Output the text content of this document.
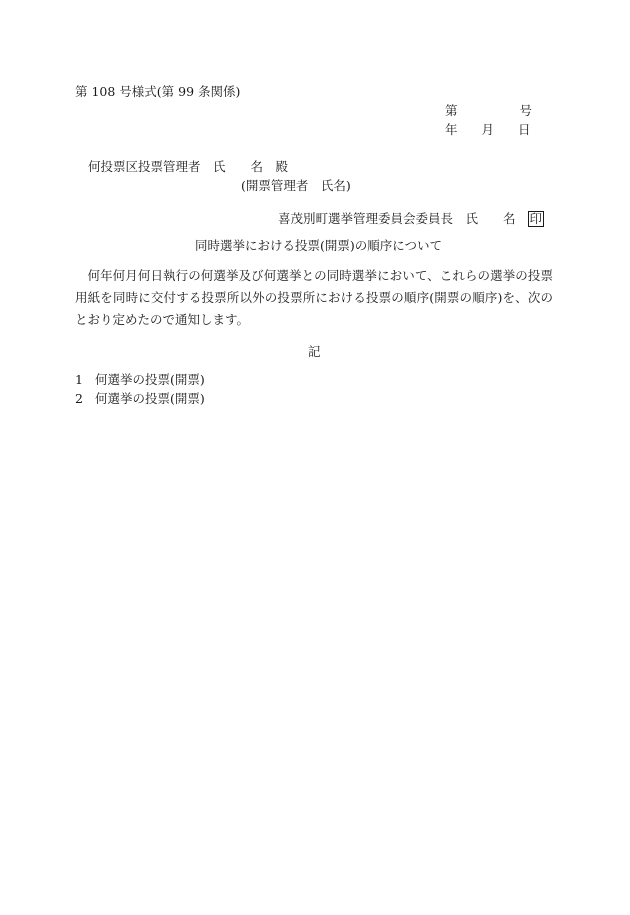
第 108 号様式(第 99 条関係)
第	号
年 月 日
何投票区投票管理者　氏　　名　殿
(開票管理者　氏名)
喜茂別町選挙管理委員会委員長　氏　　名 印
同時選挙における投票(開票)の順序について
何年何月何日執行の何選挙及び何選挙との同時選挙において、これらの選挙の投票用紙を同時に交付する投票所以外の投票所における投票の順序(開票の順序)を、次のとおり定めたので通知します。
記
1 何選挙の投票(開票)
2 何選挙の投票(開票)
